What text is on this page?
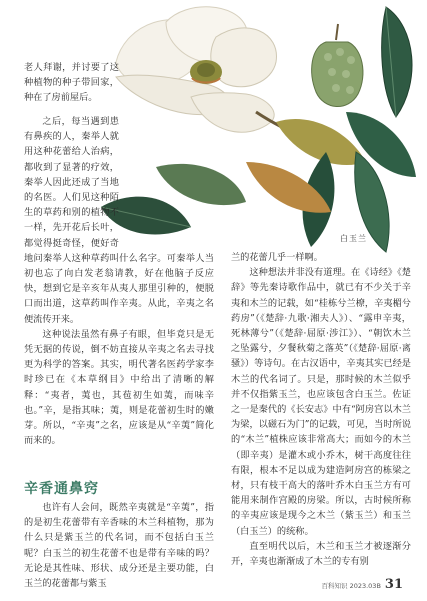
白玉兰

老人拜谢，并讨要了这种植物的种子带回家，种在了房前屋后。

之后，每当遇到患有鼻疾的人，秦举人就用这种花蕾给人治病，都收到了显著的疗效，秦举人因此还成了当地的名医。人们见这种陌生的草药和别的植物不一样，先开花后长叶，都觉得挺奇怪，便好奇地问秦举人这种草药叫什么名字。可秦举人当初也忘了向白发老翁请教，好在他脑子反应快，想到它是辛亥年从夷人那里引种的，便脱口而出道，这草药叫作辛夷。从此，辛夷之名便流传开来。

这种说法虽然有鼻子有眼，但毕竟只是无凭无据的传说，倒不妨直接从辛夷之名去寻找更为科学的答案。其实，明代著名医药学家李时珍已在《本草纲目》中给出了清晰的解释：“夷者，荑也，其苞初生如荑，而味辛也。”辛，是指其味；荑，则是花蕾初生时的嫩芽。所以，“辛夷”之名，应该是从“辛荑”简化而来的。

辛香通鼻窍

也许有人会问，既然辛夷就是“辛荑”，指的是初生花蕾带有辛香味的木兰科植物，那为什么只是紫玉兰的代名词，而不包括白玉兰呢？白玉兰的初生花蕾不也是带有辛味的吗？无论是其性味、形状、成分还是主要功能，白玉兰的花蕾都与紫玉

兰的花蕾几乎一样啊。

这种想法并非没有道理。在《诗经》《楚辞》等先秦诗歌作品中，就已有不少关于辛夷和木兰的记载，如“桂栋兮兰橑，辛夷楣兮药房”（《楚辞·九歌·湘夫人》）、“露申辛夷，死林薄兮”（《楚辞·屈原·涉江》）、“朝饮木兰之坠露兮，夕餐秋菊之落英”（《楚辞·屈原·离骚》）等诗句。在古汉语中，辛夷其实已经是木兰的代名词了。只是，那时候的木兰似乎并不仅指紫玉兰，也应该包含白玉兰。佐证之一是秦代的《长安志》中有“阿房宫以木兰为梁，以磁石为门”的记载，可见，当时所说的“木兰”植株应该非常高大；而如今的木兰（即辛夷）是灌木或小乔木，树干高度往往有限，根本不足以成为建造阿房宫的栋梁之材，只有枝干高大的落叶乔木白玉兰方有可能用来制作宫殿的房梁。所以，古时候所称的辛夷应该是现今之木兰（紫玉兰）和玉兰（白玉兰）的统称。

直至明代以后，木兰和玉兰才被逐渐分开，辛夷也渐渐成了木兰的专有别

百科知识 2023.03B 31
